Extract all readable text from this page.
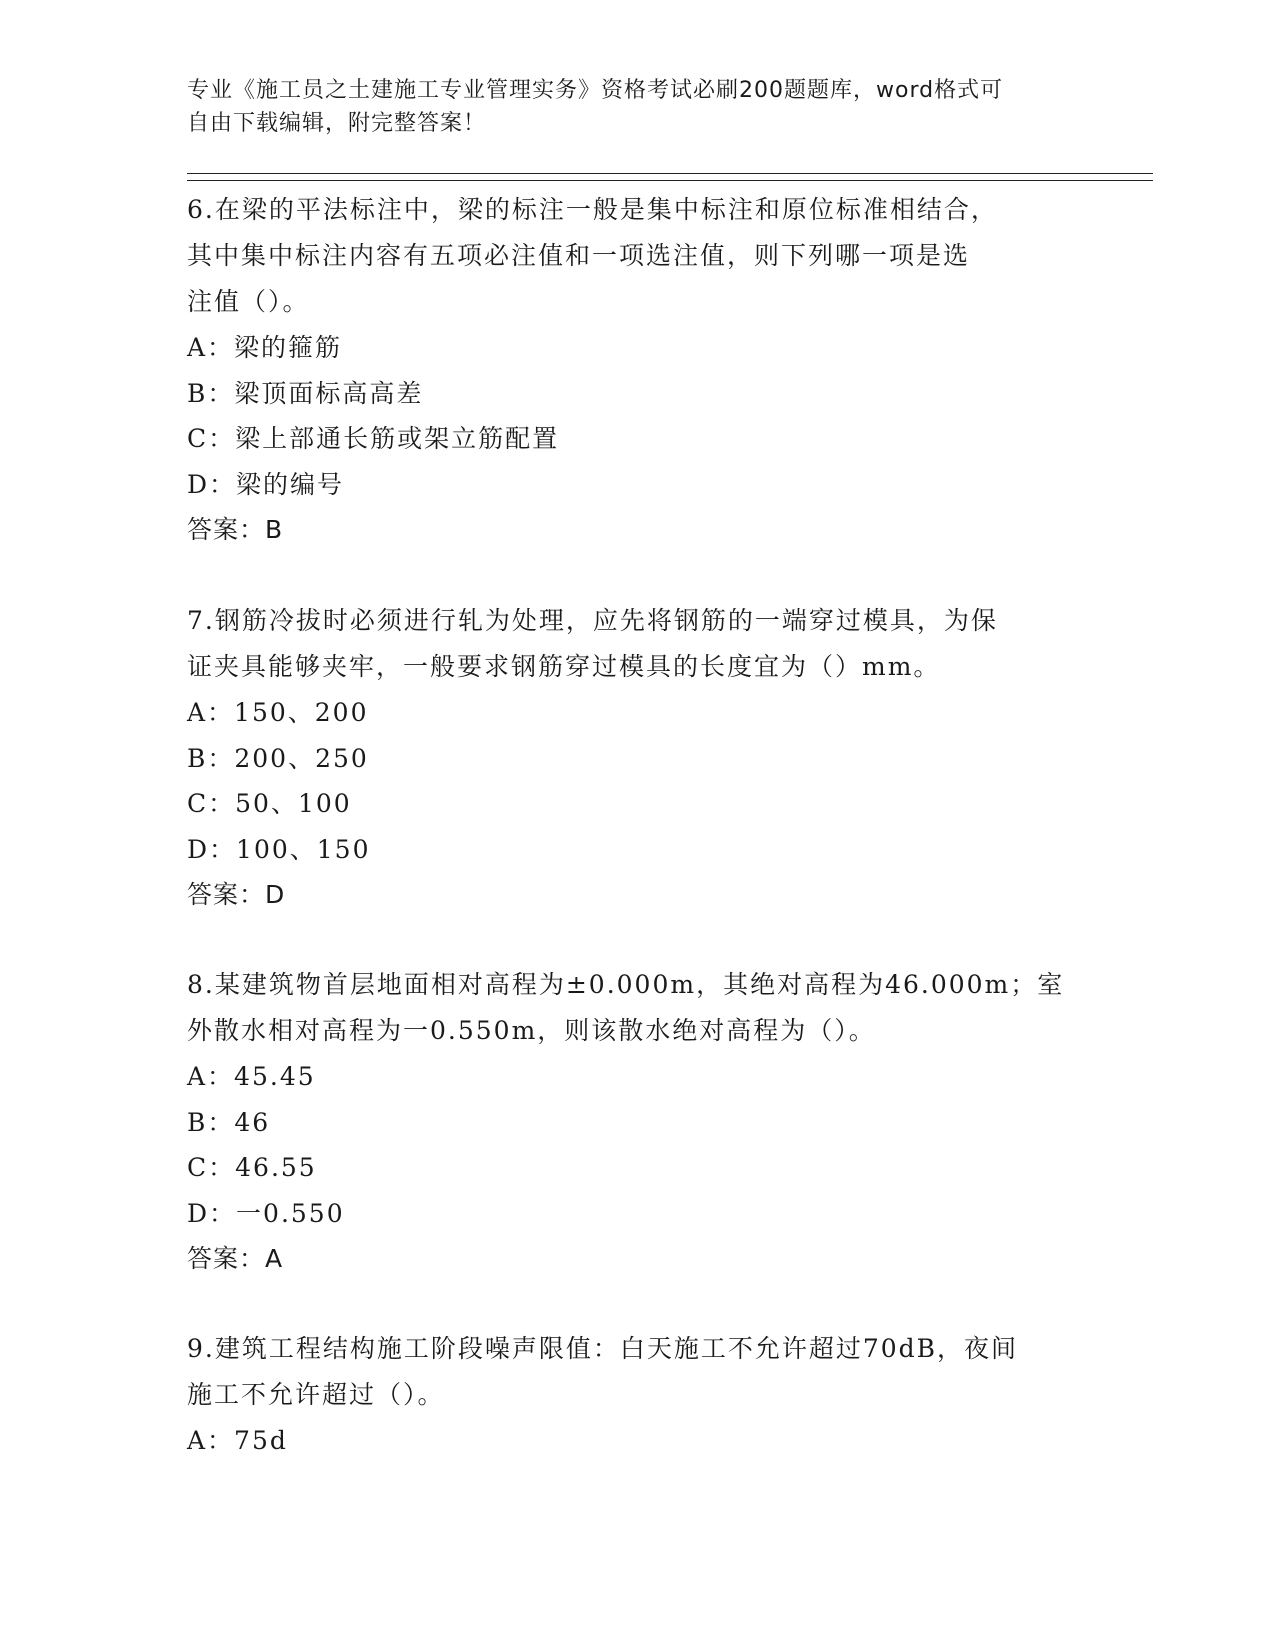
专业《施工员之土建施工专业管理实务》资格考试必刷200题题库，word格式可
自由下载编辑，附完整答案！
6.在梁的平法标注中，梁的标注一般是集中标注和原位标准相结合，
其中集中标注内容有五项必注值和一项选注值，则下列哪一项是选
注值（）。
A：梁的箍筋
B：梁顶面标高高差
C：梁上部通长筋或架立筋配置
D：梁的编号
答案：B
7.钢筋冷拔时必须进行轧为处理，应先将钢筋的一端穿过模具，为保
证夹具能够夹牢，一般要求钢筋穿过模具的长度宜为（）mm。
A：150、200
B：200、250
C：50、100
D：100、150
答案：D
8.某建筑物首层地面相对高程为±0.000m，其绝对高程为46.000m；室
外散水相对高程为一0.550m，则该散水绝对高程为（）。
A：45.45
B：46
C：46.55
D：一0.550
答案：A
9.建筑工程结构施工阶段噪声限值：白天施工不允许超过70dB，夜间
施工不允许超过（）。
A：75d
